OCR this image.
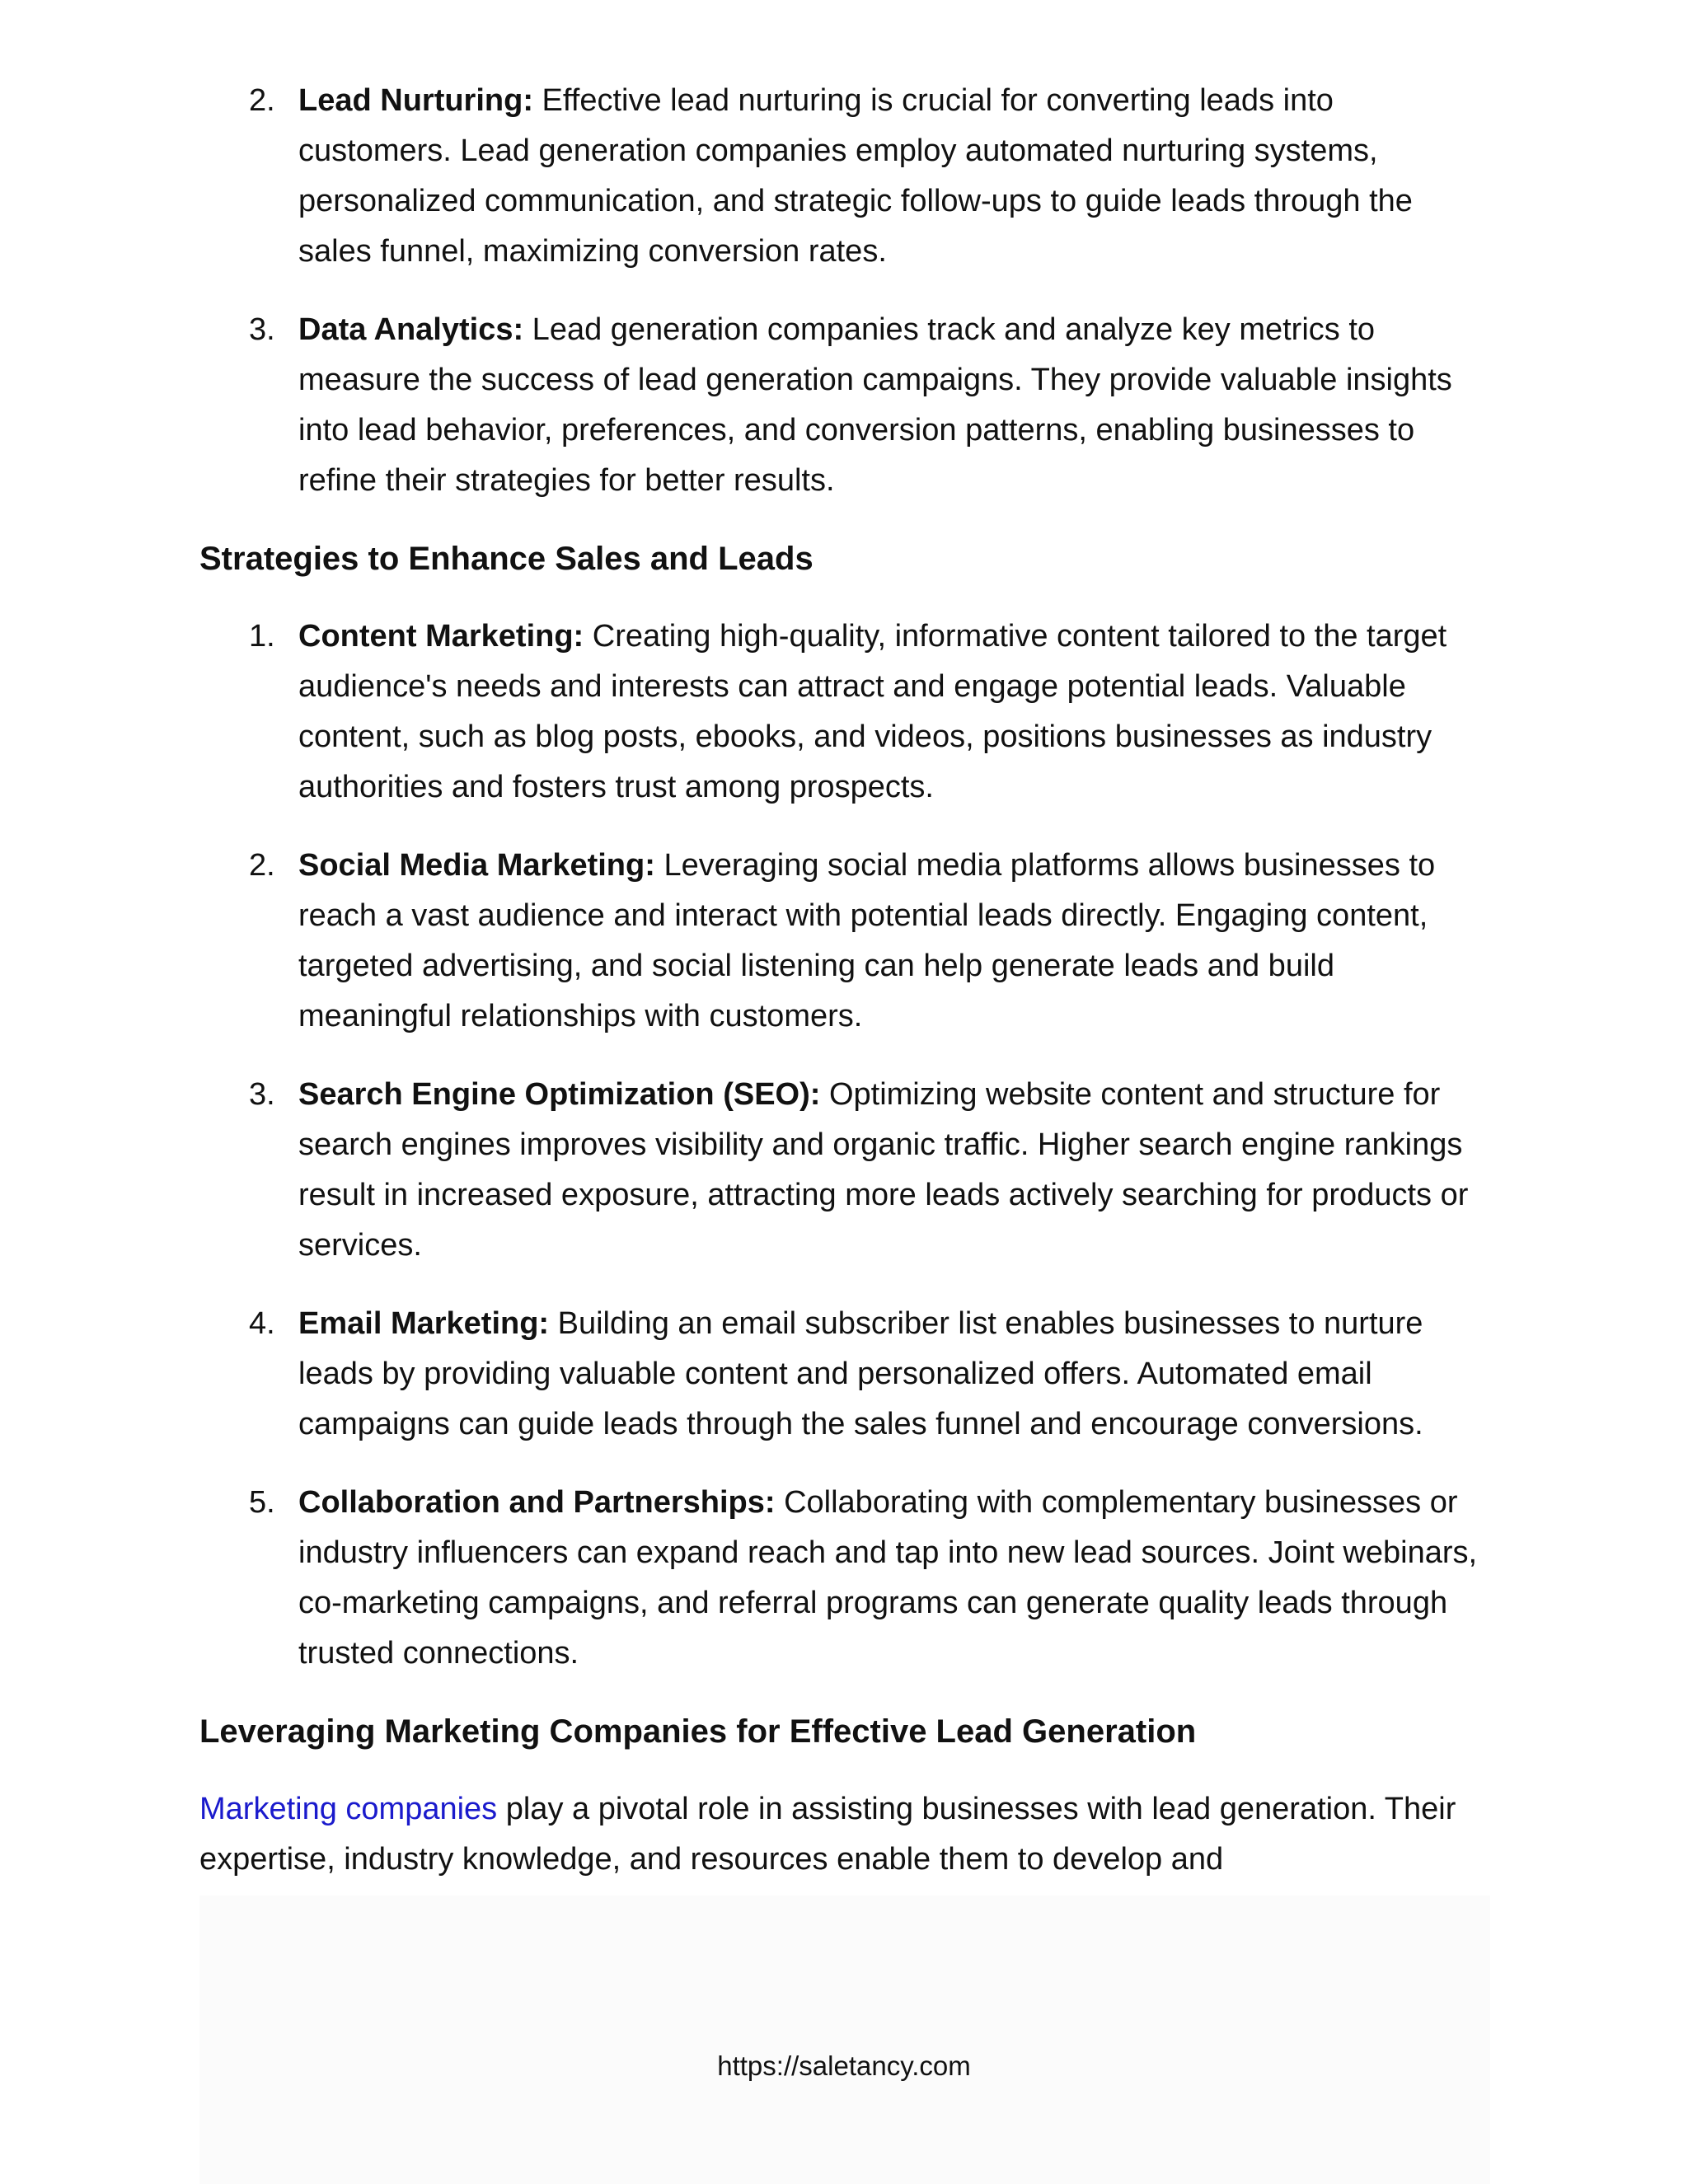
2. Lead Nurturing: Effective lead nurturing is crucial for converting leads into customers. Lead generation companies employ automated nurturing systems, personalized communication, and strategic follow-ups to guide leads through the sales funnel, maximizing conversion rates.
3. Data Analytics: Lead generation companies track and analyze key metrics to measure the success of lead generation campaigns. They provide valuable insights into lead behavior, preferences, and conversion patterns, enabling businesses to refine their strategies for better results.
Strategies to Enhance Sales and Leads
1. Content Marketing: Creating high-quality, informative content tailored to the target audience's needs and interests can attract and engage potential leads. Valuable content, such as blog posts, ebooks, and videos, positions businesses as industry authorities and fosters trust among prospects.
2. Social Media Marketing: Leveraging social media platforms allows businesses to reach a vast audience and interact with potential leads directly. Engaging content, targeted advertising, and social listening can help generate leads and build meaningful relationships with customers.
3. Search Engine Optimization (SEO): Optimizing website content and structure for search engines improves visibility and organic traffic. Higher search engine rankings result in increased exposure, attracting more leads actively searching for products or services.
4. Email Marketing: Building an email subscriber list enables businesses to nurture leads by providing valuable content and personalized offers. Automated email campaigns can guide leads through the sales funnel and encourage conversions.
5. Collaboration and Partnerships: Collaborating with complementary businesses or industry influencers can expand reach and tap into new lead sources. Joint webinars, co-marketing campaigns, and referral programs can generate quality leads through trusted connections.
Leveraging Marketing Companies for Effective Lead Generation

Marketing companies play a pivotal role in assisting businesses with lead generation. Their expertise, industry knowledge, and resources enable them to develop and

https://saletancy.com
